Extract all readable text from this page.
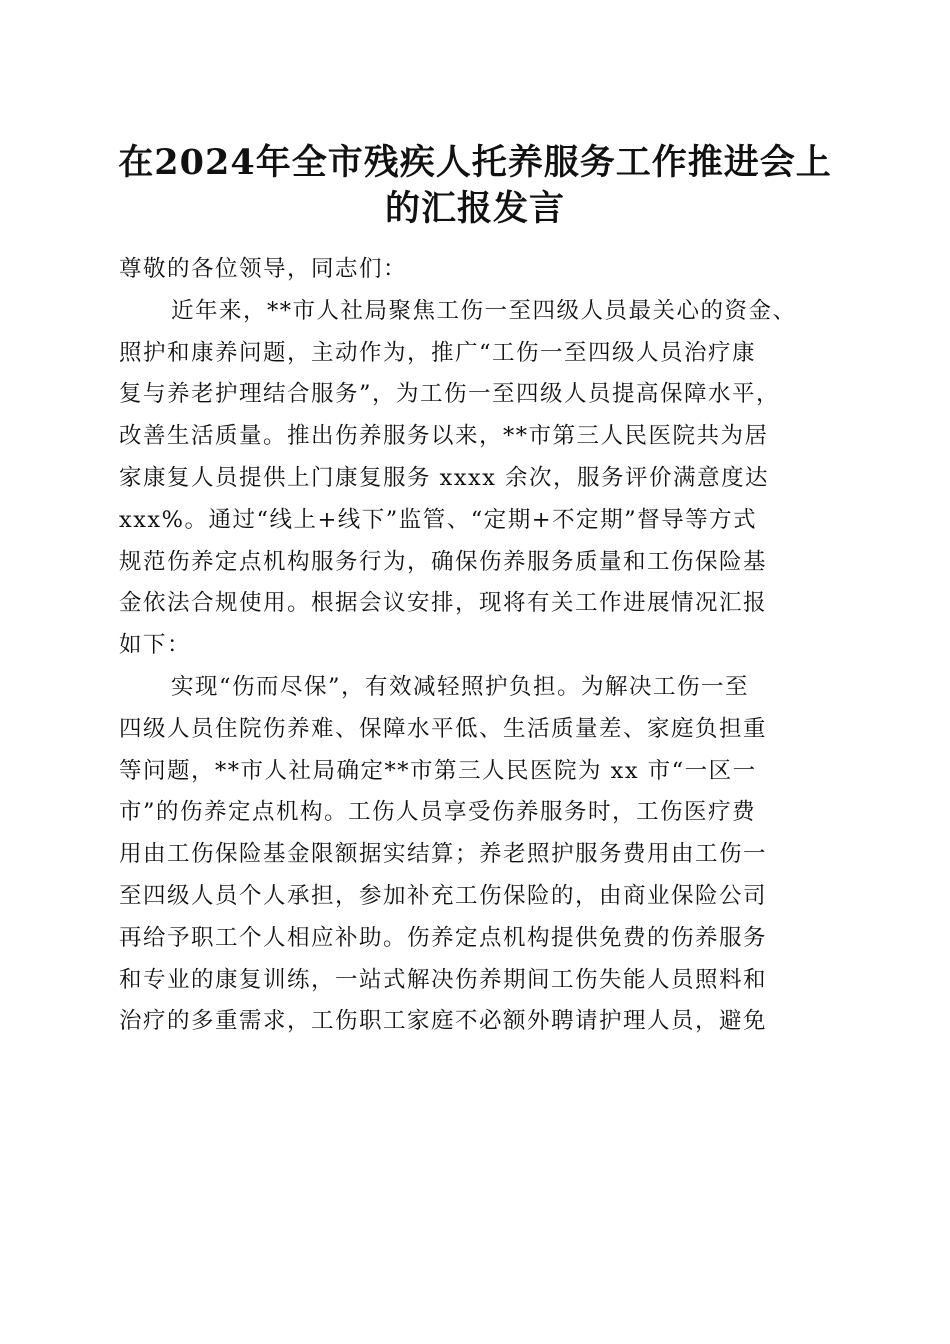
在2024年全市残疾人托养服务工作推进会上
的汇报发言
尊敬的各位领导，同志们：
近年来，**市人社局聚焦工伤一至四级人员最关心的资金、
照护和康养问题，主动作为，推广“工伤一至四级人员治疗康
复与养老护理结合服务”，为工伤一至四级人员提高保障水平，
改善生活质量。推出伤养服务以来，**市第三人民医院共为居
家康复人员提供上门康复服务 xxxx 余次，服务评价满意度达
xxx%。通过“线上+线下”监管、“定期+不定期”督导等方式
规范伤养定点机构服务行为，确保伤养服务质量和工伤保险基
金依法合规使用。根据会议安排，现将有关工作进展情况汇报
如下：
实现“伤而尽保”，有效减轻照护负担。为解决工伤一至
四级人员住院伤养难、保障水平低、生活质量差、家庭负担重
等问题，**市人社局确定**市第三人民医院为 xx 市“一区一
市”的伤养定点机构。工伤人员享受伤养服务时，工伤医疗费
用由工伤保险基金限额据实结算；养老照护服务费用由工伤一
至四级人员个人承担，参加补充工伤保险的，由商业保险公司
再给予职工个人相应补助。伤养定点机构提供免费的伤养服务
和专业的康复训练，一站式解决伤养期间工伤失能人员照料和
治疗的多重需求，工伤职工家庭不必额外聘请护理人员，避免
